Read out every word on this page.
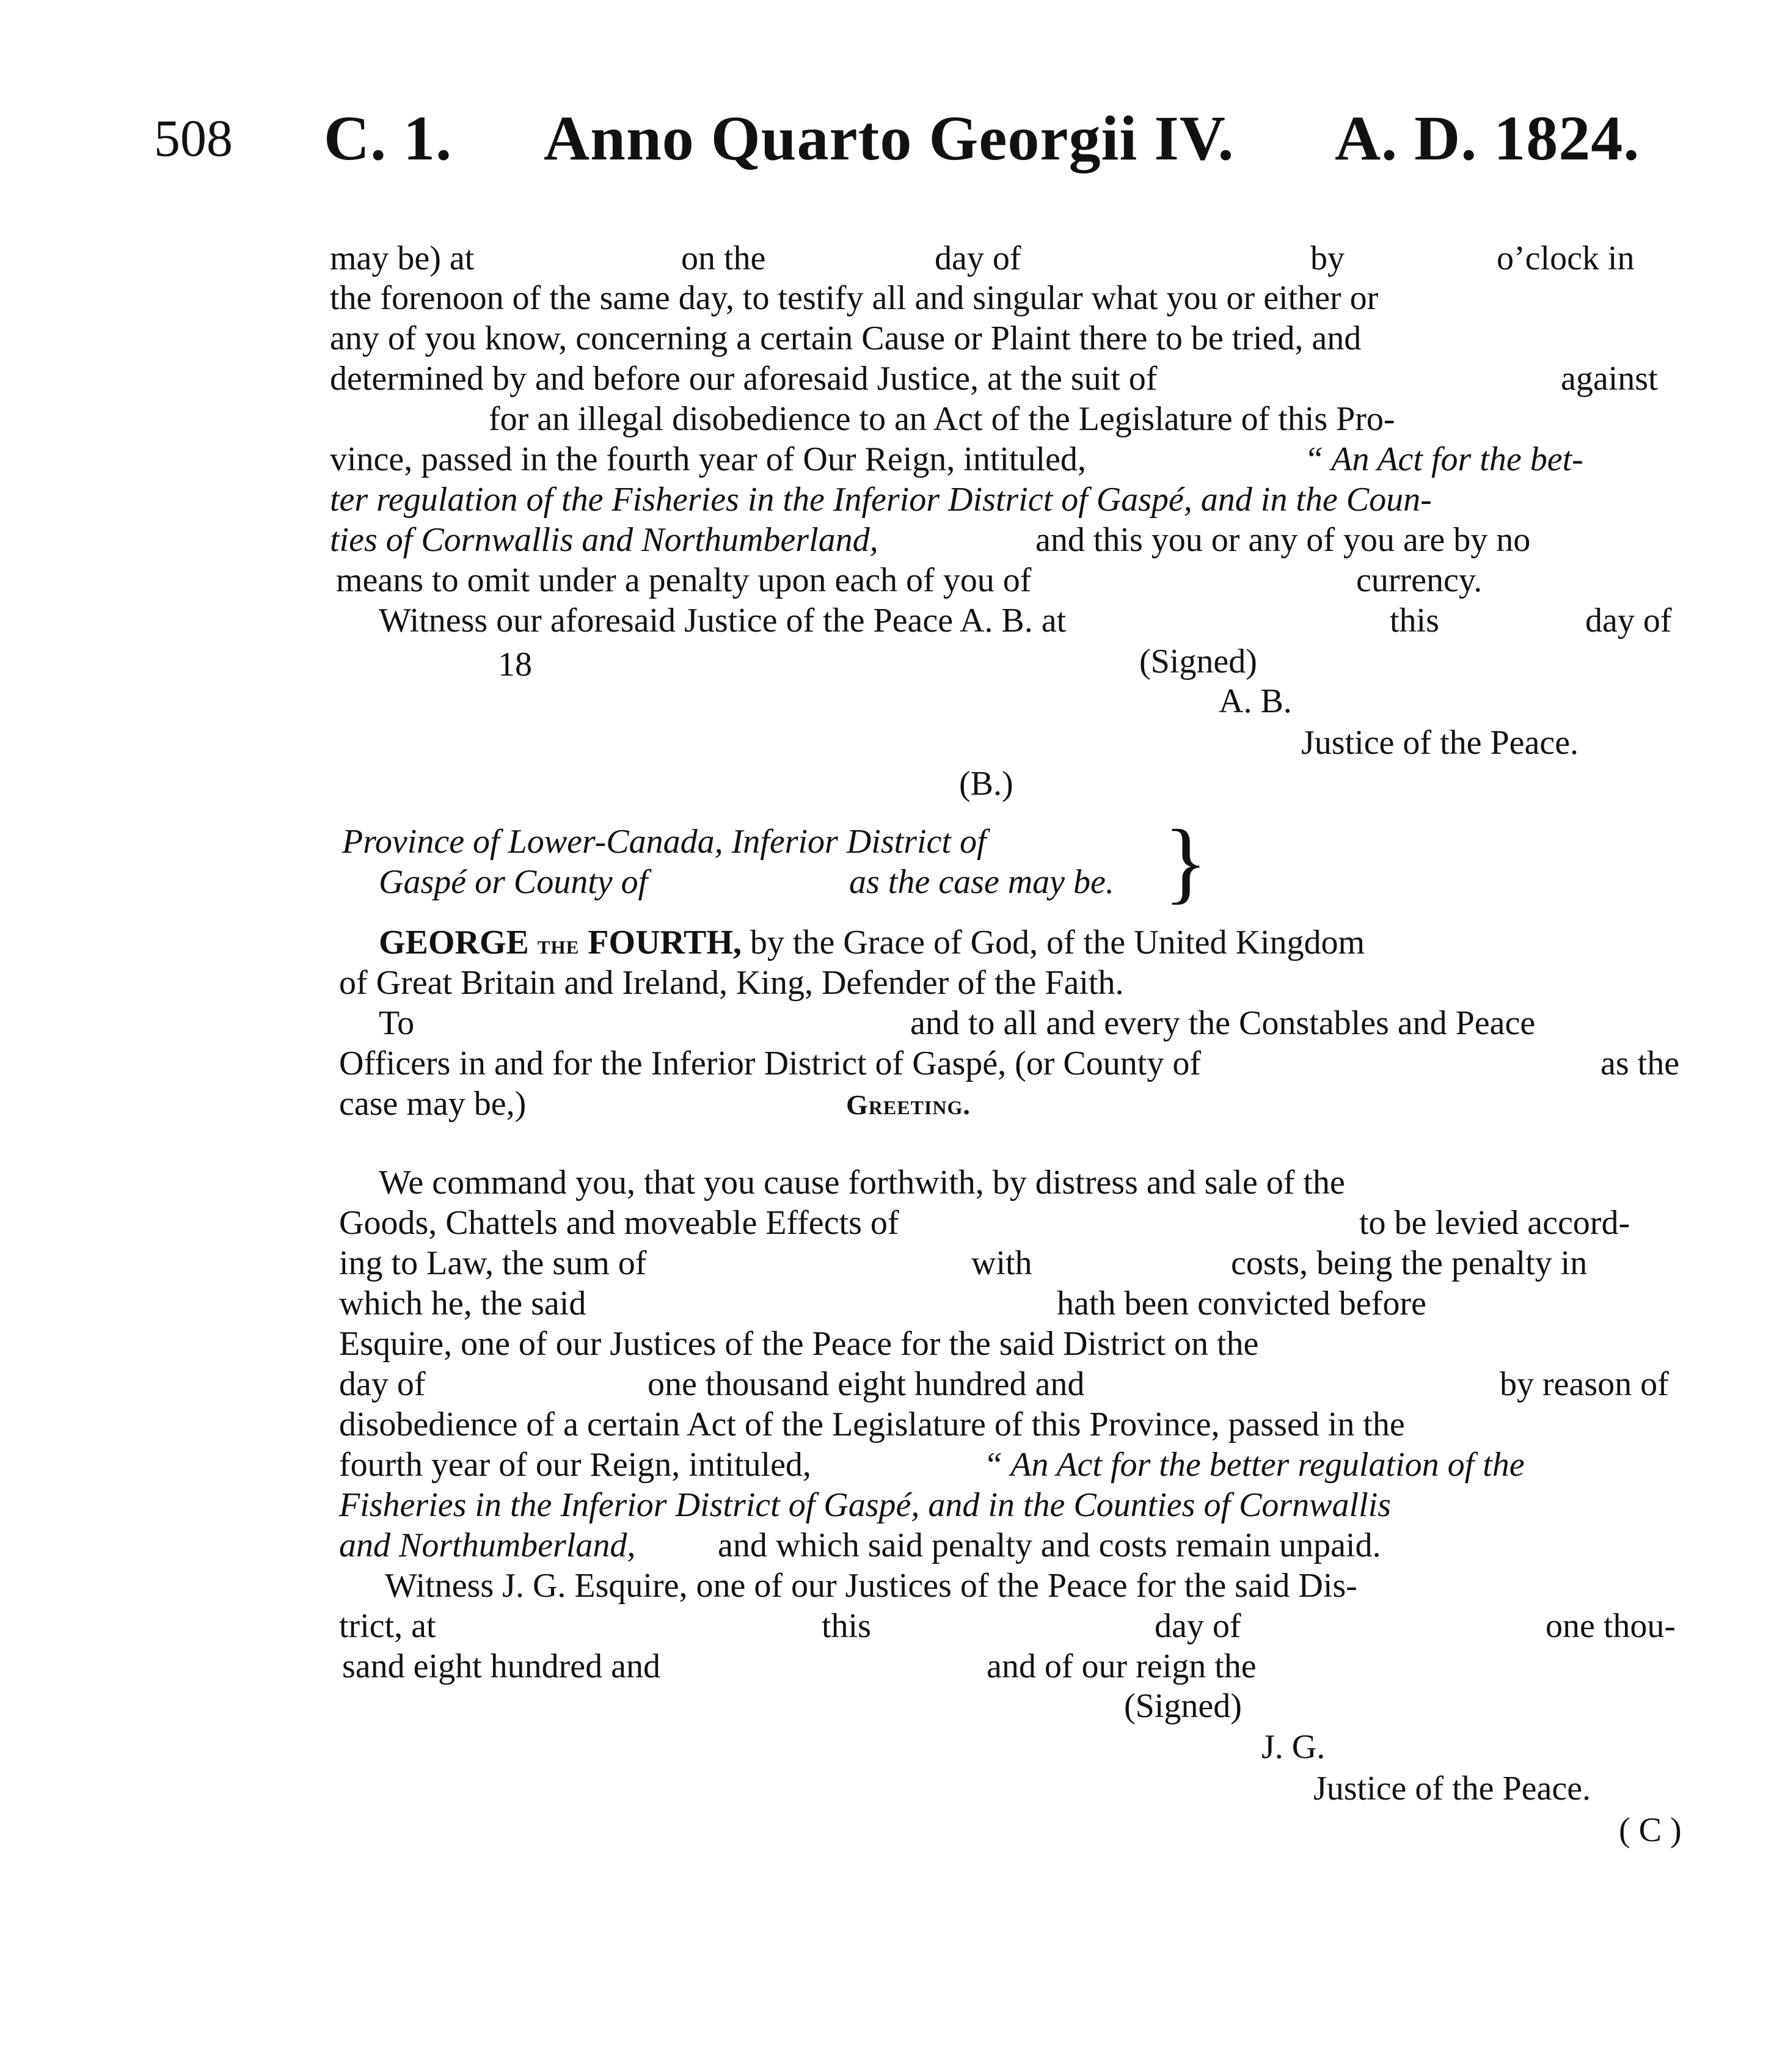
508 C. 1. Anno Quarto Georgii IV. A. D. 1824.
may be) at	on the	day of	by	o’clock in
the forenoon of the same day, to testify all and singular what you or either or
any of you know, concerning a certain Cause or Plaint there to be tried, and
determined by and before our aforesaid Justice, at the suit of	against
for an illegal disobedience to an Act of the Legislature of this Pro-
vince, passed in the fourth year of Our Reign, intituled,	“ An Act for the bet-
ter regulation of the Fisheries in the Inferior District of Gaspé, and in the Coun-
ties of Cornwallis and Northumberland,	and this you or any of you are by no
means to omit under a penalty upon each of you of	currency.
Witness our aforesaid Justice of the Peace A. B. at	this	day of
18	(Signed)
A. B.
Justice of the Peace.
(B.)
Province of Lower-Canada, Inferior District of
Gaspé or County of	as the case may be. }
GEORGE the FOURTH, by the Grace of God, of the United Kingdom
of Great Britain and Ireland, King, Defender of the Faith.
To	and to all and every the Constables and Peace
Officers in and for the Inferior District of Gaspé, (or County of	as the
case may be,)	Greeting.
We command you, that you cause forthwith, by distress and sale of the
Goods, Chattels and moveable Effects of	to be levied accord-
ing to Law, the sum of	with	costs, being the penalty in
which he, the said	hath been convicted before
Esquire, one of our Justices of the Peace for the said District on the
day of	one thousand eight hundred and	by reason of
disobedience of a certain Act of the Legislature of this Province, passed in the
fourth year of our Reign, intituled,	“ An Act for the better regulation of the
Fisheries in the Inferior District of Gaspé, and in the Counties of Cornwallis
and Northumberland, and which said penalty and costs remain unpaid.
Witness J. G. Esquire, one of our Justices of the Peace for the said Dis-
trict, at	this	day of	one thou-
sand eight hundred and	and of our reign the
(Signed)
J. G.
Justice of the Peace.
( C )
